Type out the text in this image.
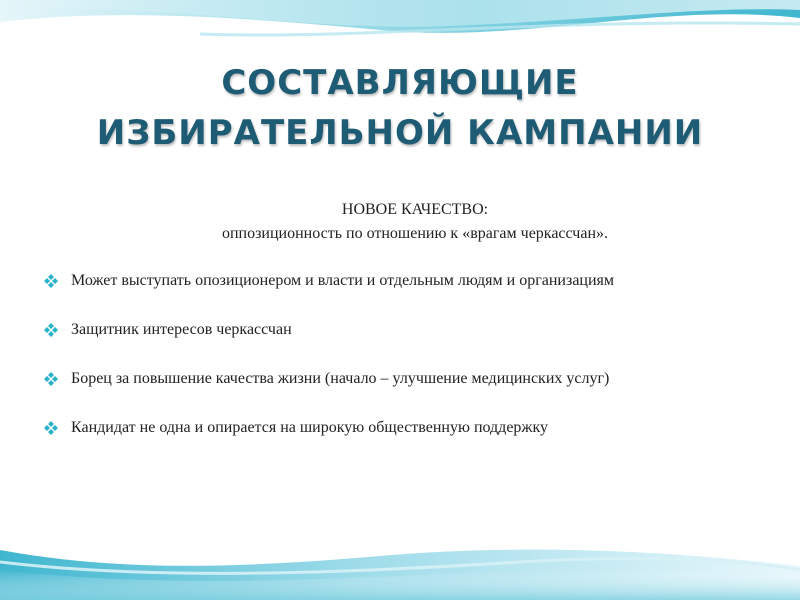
СОСТАВЛЯЮЩИЕ
ИЗБИРАТЕЛЬНОЙ КАМПАНИИ
НОВОЕ КАЧЕСТВО:
оппозиционность по отношению к «врагам черкассчан».
Может выступать опозиционером и власти и отдельным людям и организациям
Защитник интересов черкассчан
Борец за повышение качества жизни (начало – улучшение медицинских услуг)
Кандидат не одна и опирается на широкую общественную поддержку
